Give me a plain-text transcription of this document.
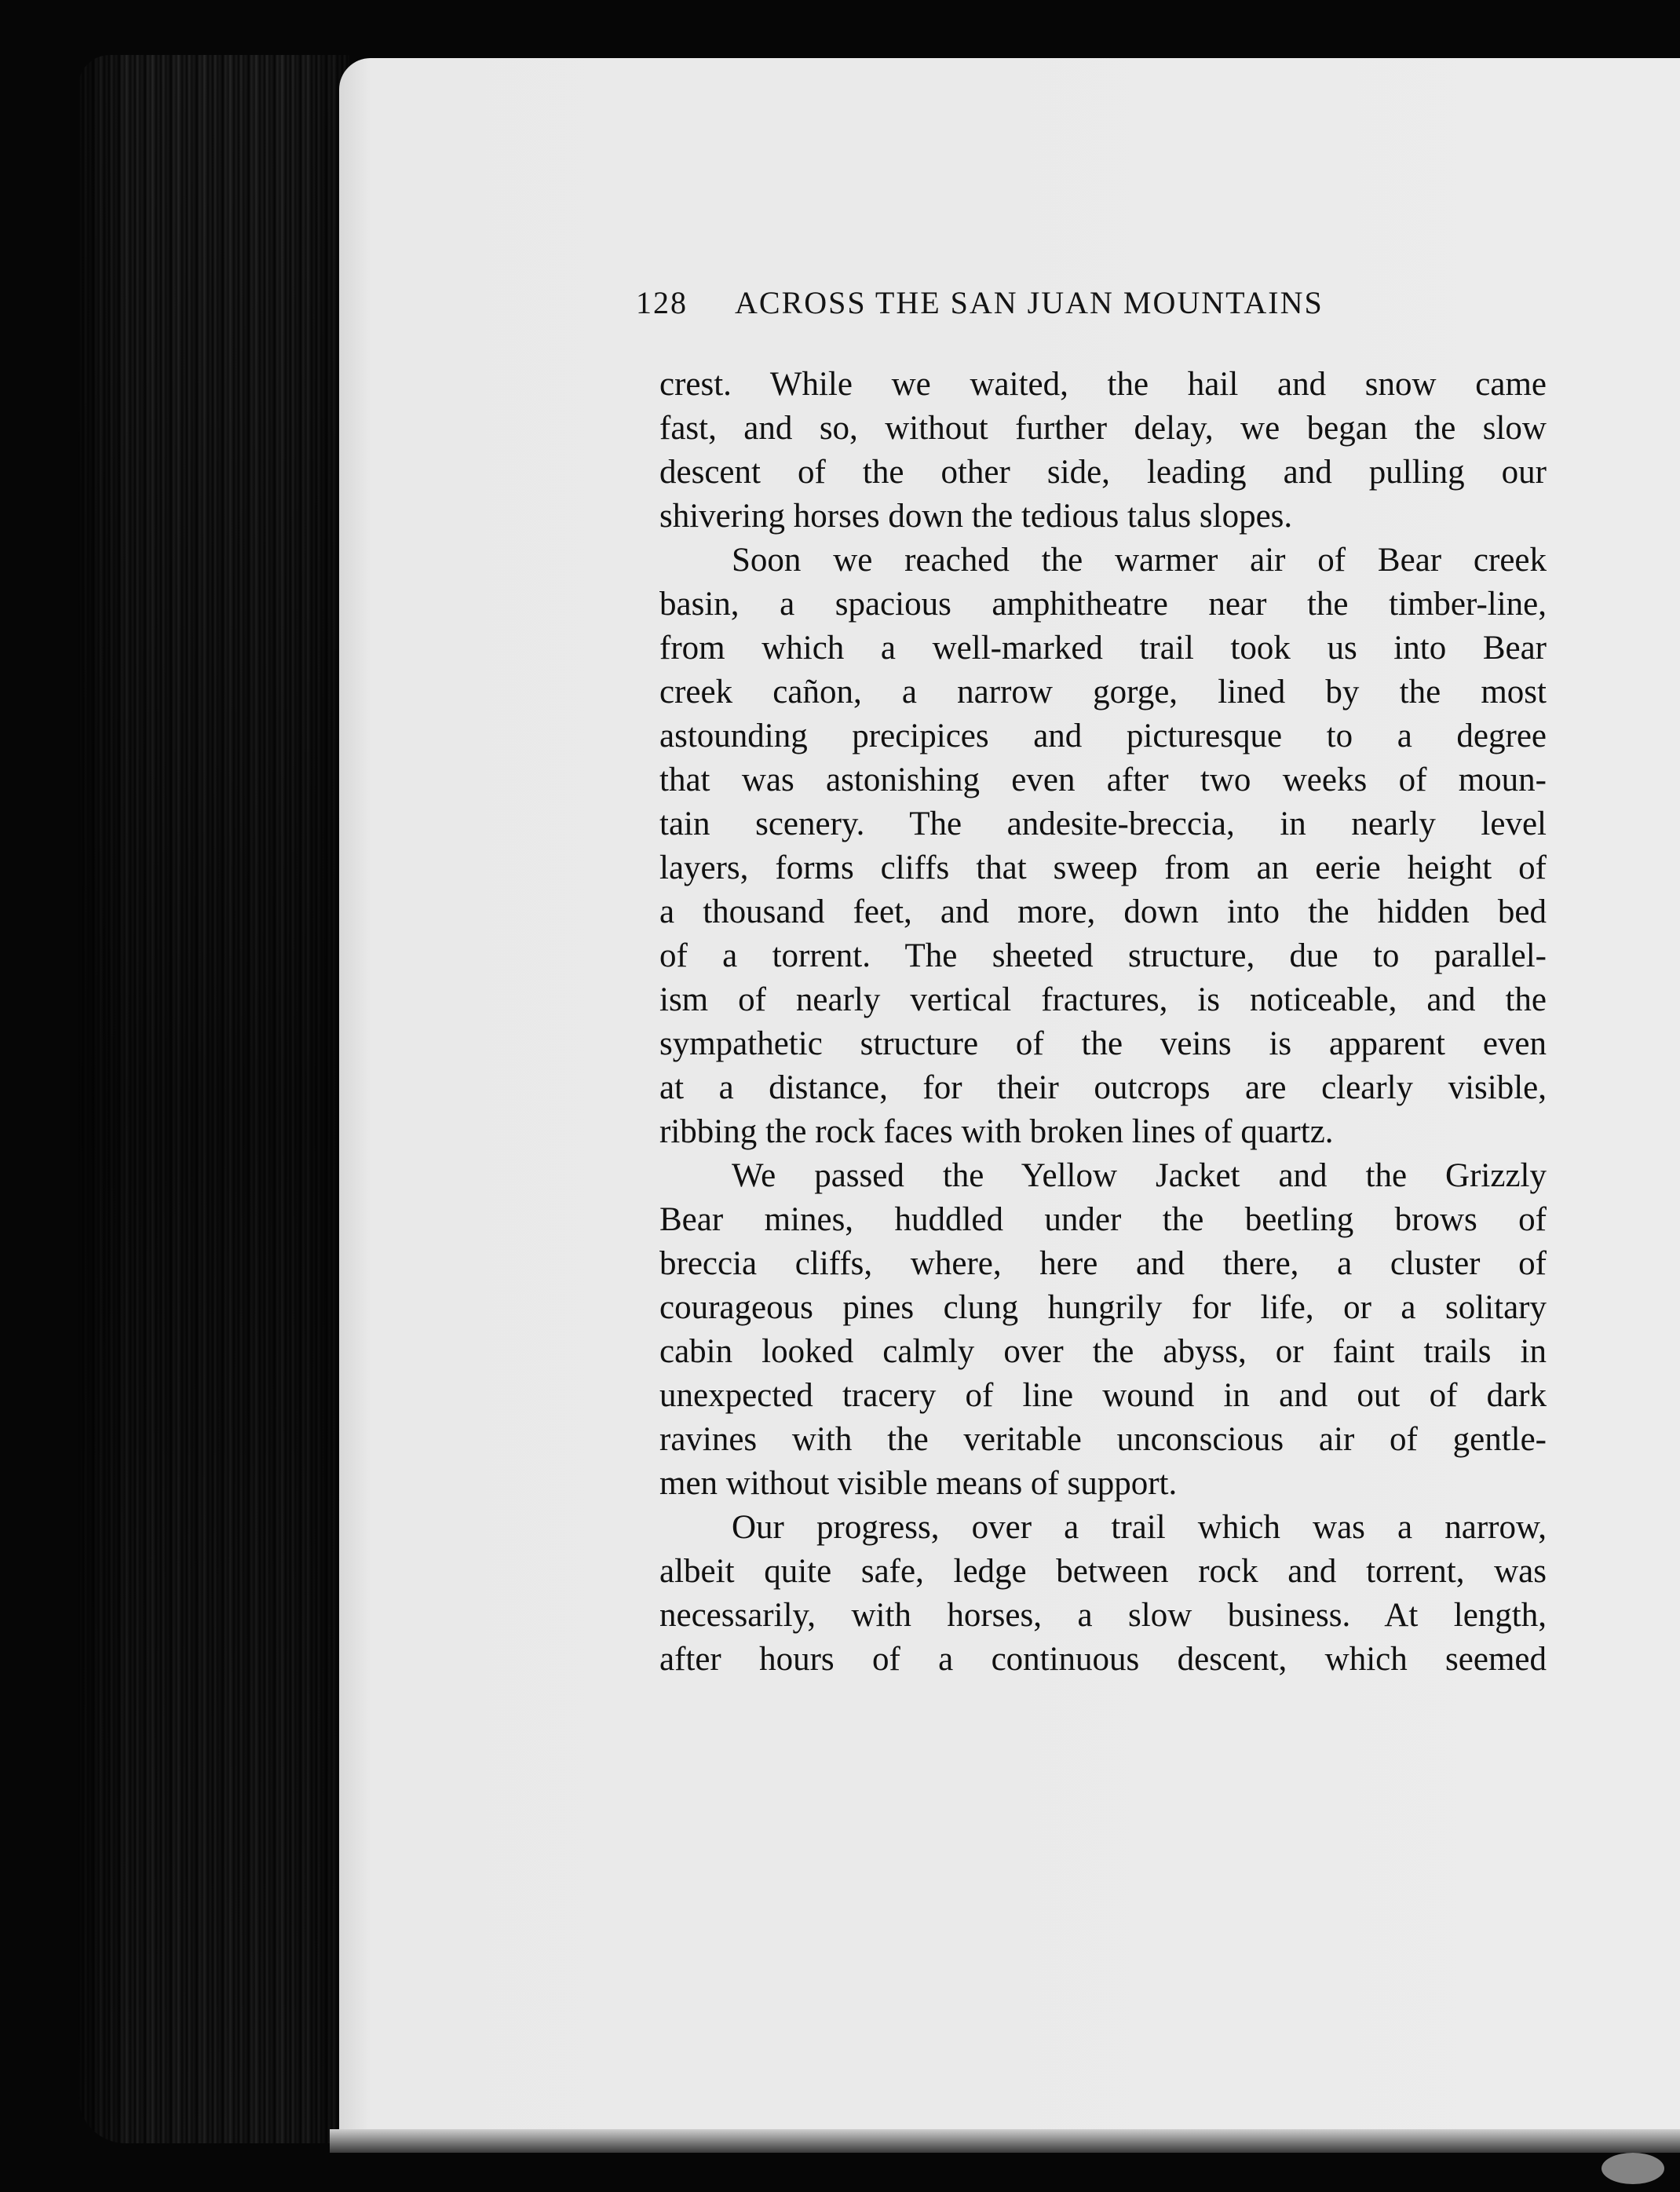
128 ACROSS THE SAN JUAN MOUNTAINS
crest. While we waited, the hail and snow came
fast, and so, without further delay, we began the slow
descent of the other side, leading and pulling our
shivering horses down the tedious talus slopes.
Soon we reached the warmer air of Bear creek
basin, a spacious amphitheatre near the timber-line,
from which a well-marked trail took us into Bear
creek cañon, a narrow gorge, lined by the most
astounding precipices and picturesque to a degree
that was astonishing even after two weeks of moun-
tain scenery. The andesite-breccia, in nearly level
layers, forms cliffs that sweep from an eerie height of
a thousand feet, and more, down into the hidden bed
of a torrent. The sheeted structure, due to parallel-
ism of nearly vertical fractures, is noticeable, and the
sympathetic structure of the veins is apparent even
at a distance, for their outcrops are clearly visible,
ribbing the rock faces with broken lines of quartz.
We passed the Yellow Jacket and the Grizzly
Bear mines, huddled under the beetling brows of
breccia cliffs, where, here and there, a cluster of
courageous pines clung hungrily for life, or a solitary
cabin looked calmly over the abyss, or faint trails in
unexpected tracery of line wound in and out of dark
ravines with the veritable unconscious air of gentle-
men without visible means of support.
Our progress, over a trail which was a narrow,
albeit quite safe, ledge between rock and torrent, was
necessarily, with horses, a slow business. At length,
after hours of a continuous descent, which seemed
